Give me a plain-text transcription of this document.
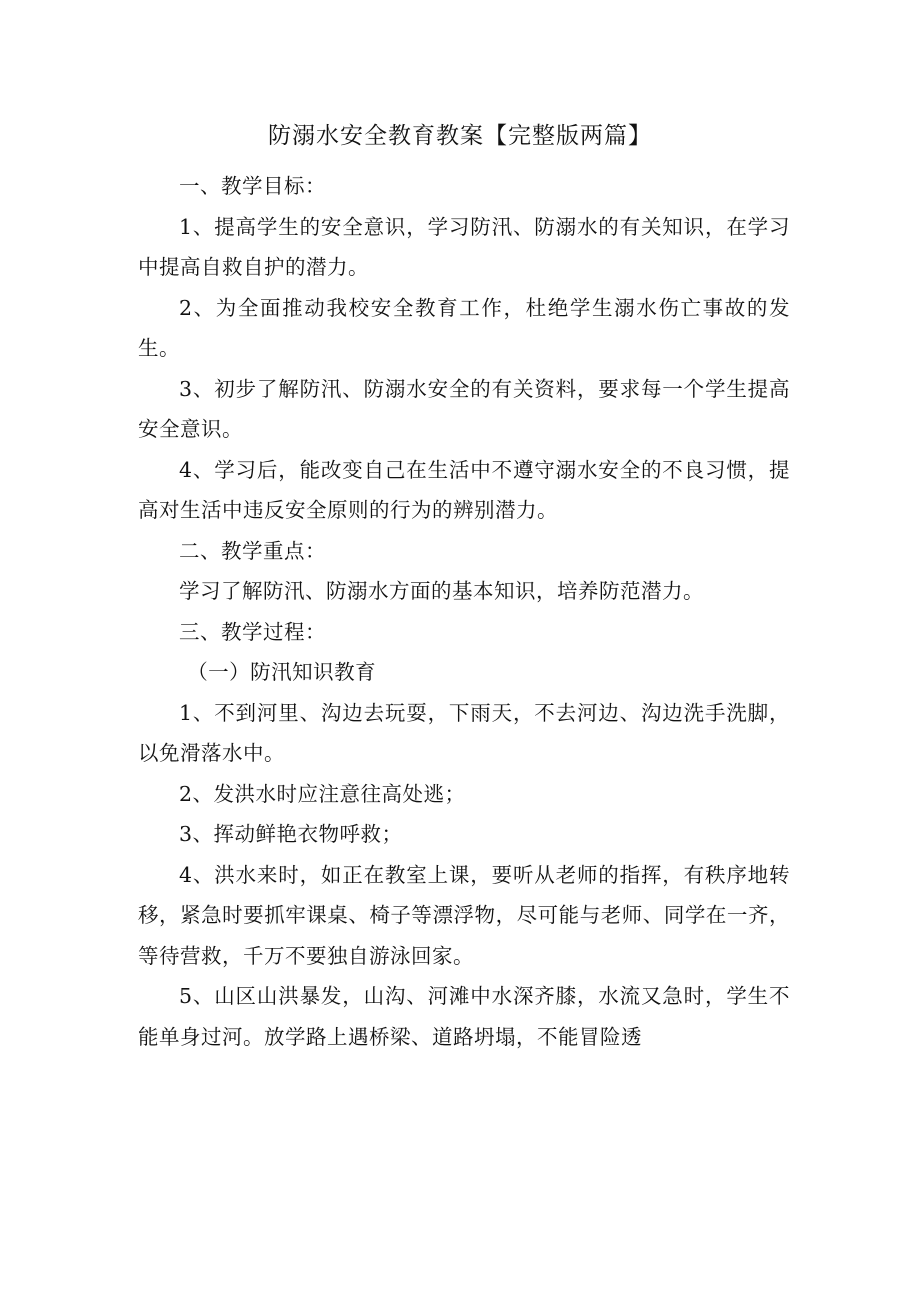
防溺水安全教育教案【完整版两篇】

一、教学目标：

1、提高学生的安全意识，学习防汛、防溺水的有关知识，在学习中提高自救自护的潜力。

2、为全面推动我校安全教育工作，杜绝学生溺水伤亡事故的发生。

3、初步了解防汛、防溺水安全的有关资料，要求每一个学生提高安全意识。

4、学习后，能改变自己在生活中不遵守溺水安全的不良习惯，提高对生活中违反安全原则的行为的辨别潜力。

二、教学重点：

学习了解防汛、防溺水方面的基本知识，培养防范潜力。

三、教学过程：

（一）防汛知识教育

1、不到河里、沟边去玩耍，下雨天，不去河边、沟边洗手洗脚，以免滑落水中。

2、发洪水时应注意往高处逃；

3、挥动鲜艳衣物呼救；

4、洪水来时，如正在教室上课，要听从老师的指挥，有秩序地转移，紧急时要抓牢课桌、椅子等漂浮物，尽可能与老师、同学在一齐，等待营救，千万不要独自游泳回家。

5、山区山洪暴发，山沟、河滩中水深齐膝，水流又急时，学生不能单身过河。放学路上遇桥梁、道路坍塌，不能冒险透
